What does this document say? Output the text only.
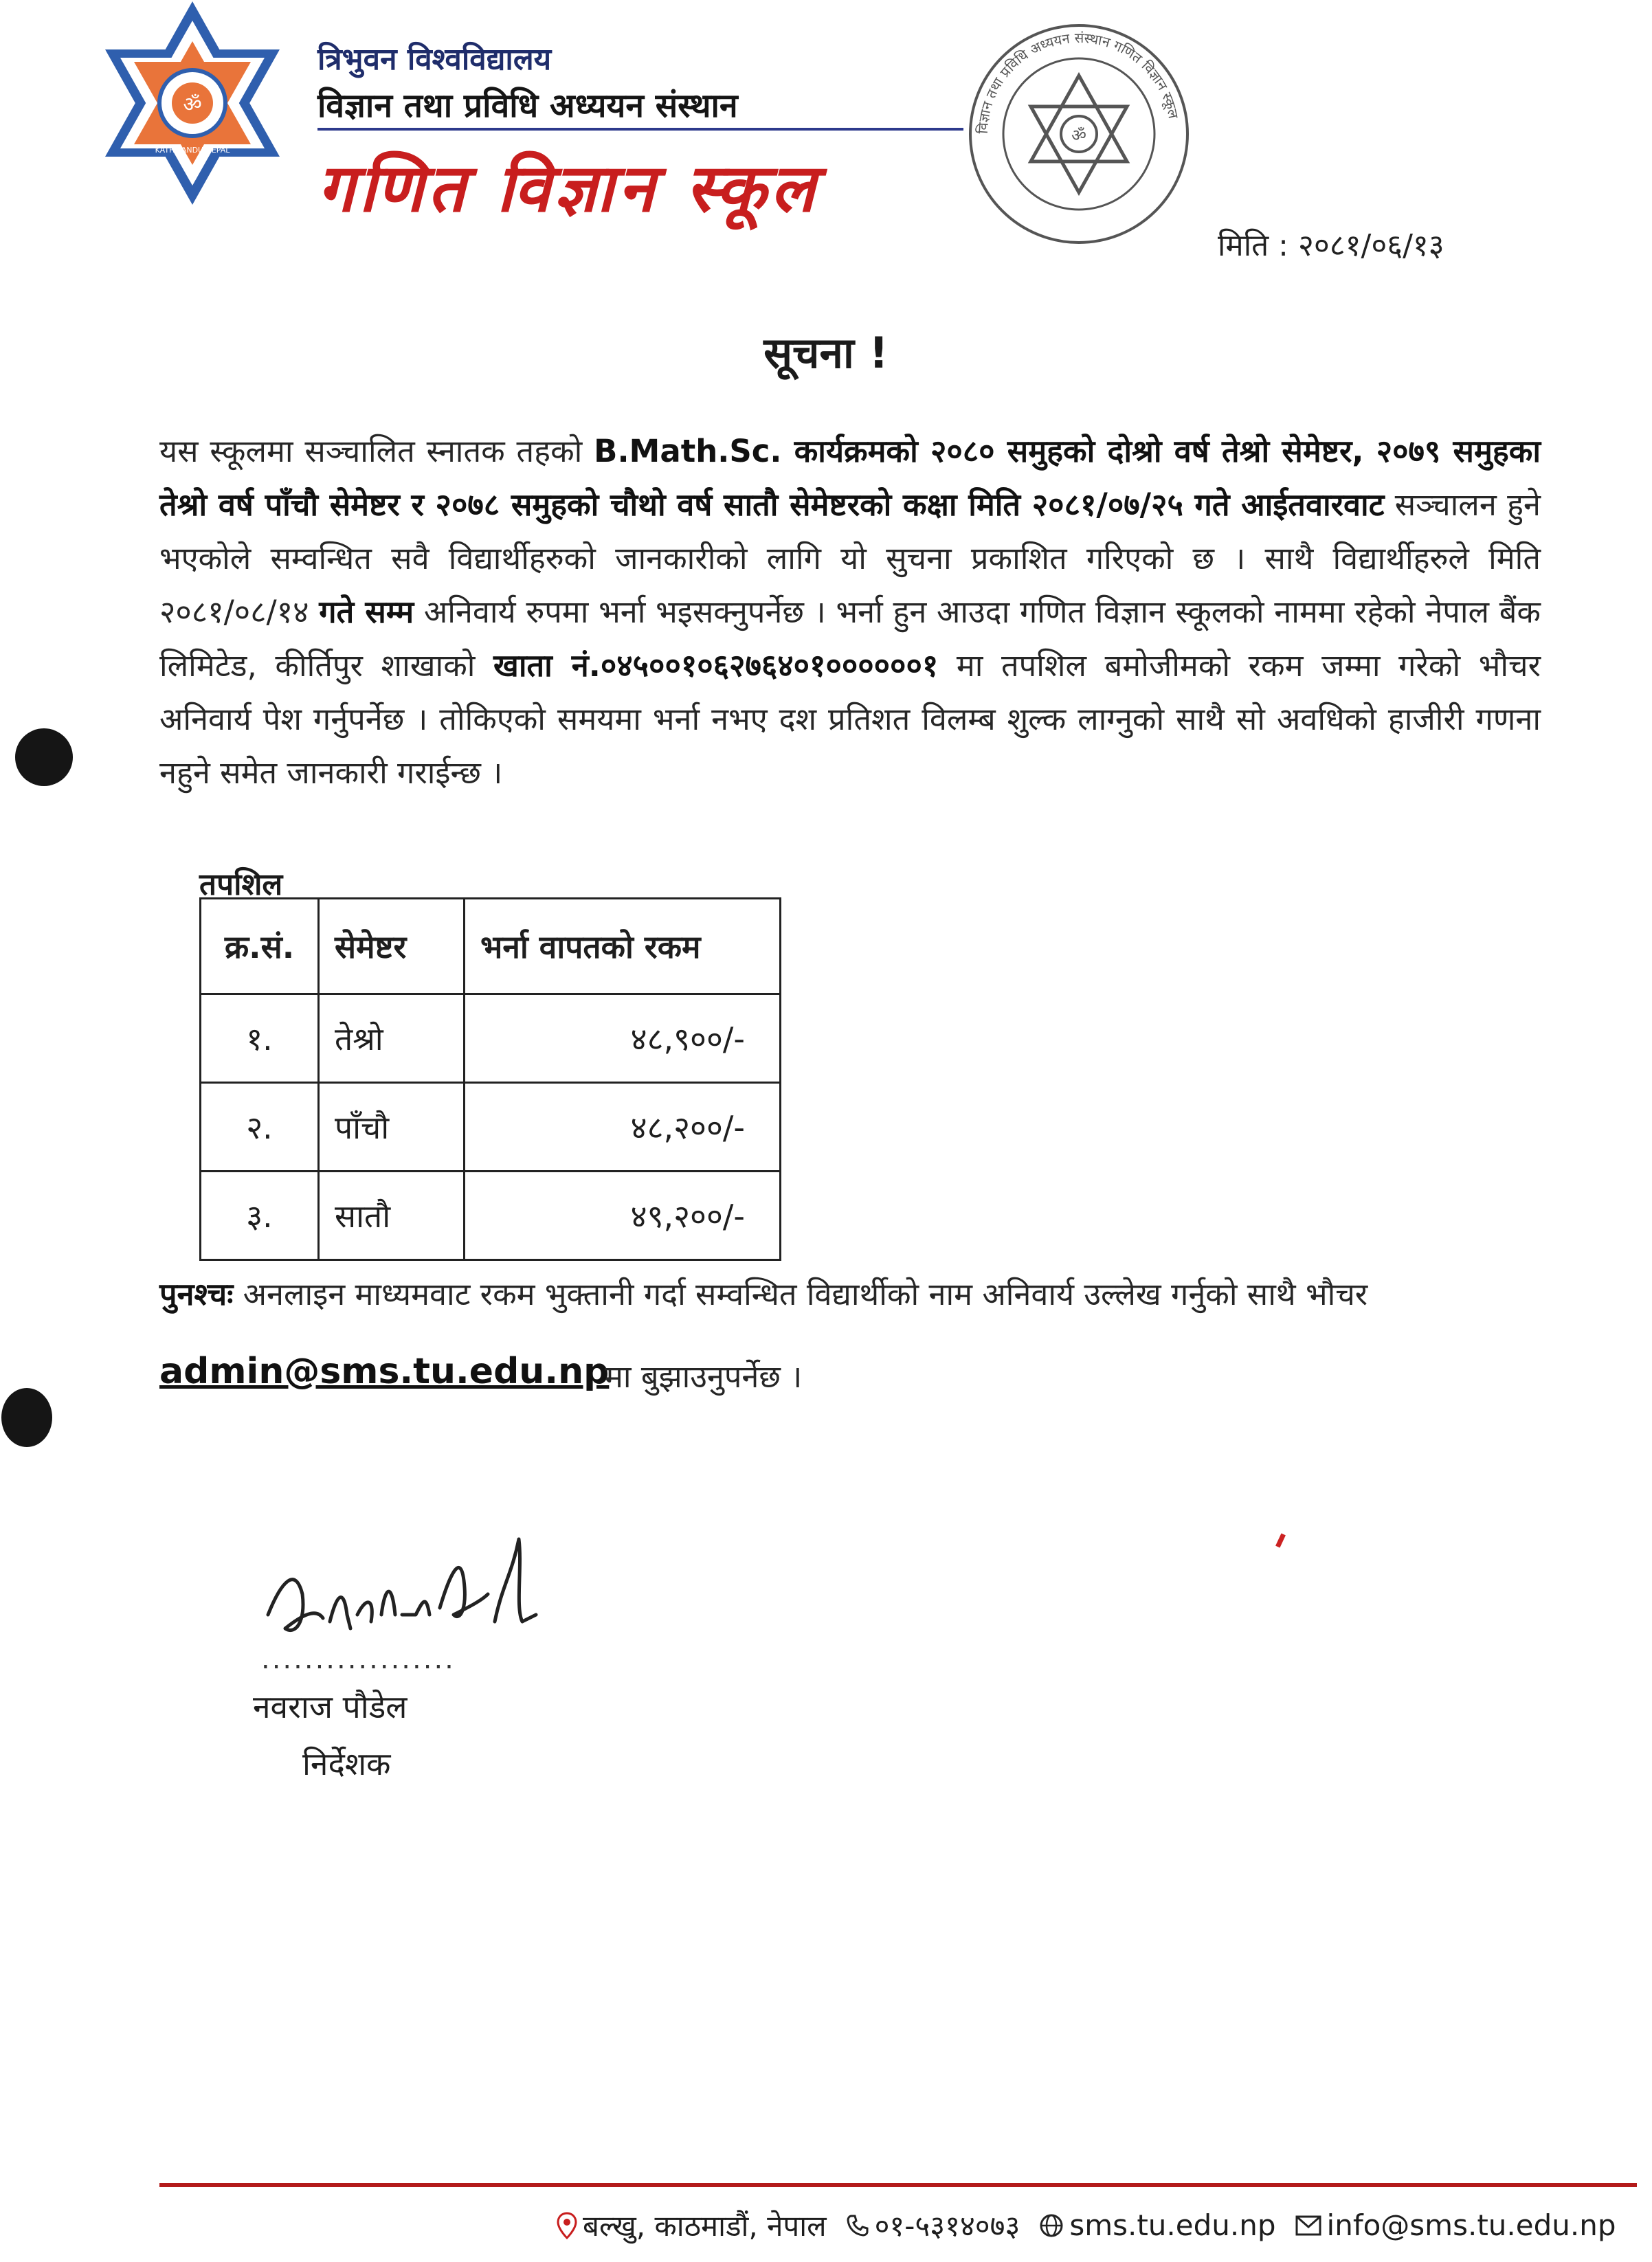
ॐ
KATHMANDU NEPAL
त्रिभुवन विश्वविद्यालय
विज्ञान तथा प्रविधि अध्ययन संस्थान
गणित विज्ञान स्कूल
ॐ
विज्ञान तथा प्रविधि अध्ययन संस्थान गणित विज्ञान स्कूल
मिति : २०८१/०६/१३
सूचना !
यस स्कूलमा सञ्चालित स्नातक तहको B.Math.Sc. कार्यक्रमको २०८० समुहको दोश्रो वर्ष तेश्रो सेमेष्टर, २०७९ समुहका तेश्रो वर्ष पाँचौ सेमेष्टर र २०७८ समुहको चौथो वर्ष सातौ सेमेष्टरको कक्षा मिति २०८१/०७/२५ गते आईतवारवाट सञ्चालन हुने भएकोले सम्वन्धित सवै विद्यार्थीहरुको जानकारीको लागि यो सुचना प्रकाशित गरिएको छ । साथै विद्यार्थीहरुले मिति २०८१/०८/१४ गते सम्म अनिवार्य रुपमा भर्ना भइसक्नुपर्नेछ । भर्ना हुन आउदा गणित विज्ञान स्कूलको नाममा रहेको नेपाल बैंक लिमिटेड, कीर्तिपुर शाखाको खाता नं.०४५००१०६२७६४०१००००००१ मा तपशिल बमोजीमको रकम जम्मा गरेको भौचर अनिवार्य पेश गर्नुपर्नेछ । तोकिएको समयमा भर्ना नभए दश प्रतिशत विलम्ब शुल्क लाग्नुको साथै सो अवधिको हाजीरी गणना नहुने समेत जानकारी गराईन्छ ।
तपशिल
क्र.सं.	सेमेष्टर	भर्ना वापतको रकम
१.	तेश्रो	४८,९००/-
२.	पाँचौ	४८,२००/-
३.	सातौ	४९,२००/-
पुनश्चः अनलाइन माध्यमवाट रकम भुक्तानी गर्दा सम्वन्धित विद्यार्थीको नाम अनिवार्य उल्लेख गर्नुको साथै भौचर
admin@sms.tu.edu.np
मा बुझाउनुपर्नेछ ।
..................
नवराज पौडेल
निर्देशक
बल्खु, काठमाडौं, नेपाल ०१-५३१४०७३ sms.tu.edu.np info@sms.tu.edu.np
